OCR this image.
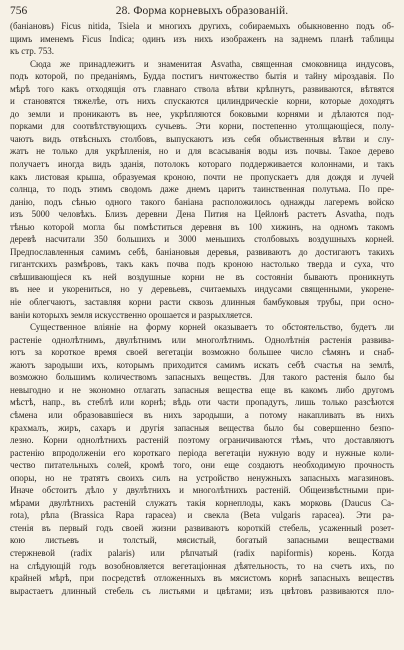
756	28. Форма корневыхъ образованій.
(баніановъ) Ficus nitida, Tsiela и многихъ другихъ, собираемыхъ обыкновенно подъ об-
щимъ именемъ Ficus Indica; одинъ изъ нихъ изображенъ на заднемъ планѣ таблицы
къ стр. 753.
Сюда же принадлежитъ и знаменитая Asvatha, священная смоковница индусовъ,
подъ которой, по преданіямъ, Будда постигъ ничтожество бытія и тайну міроздавія. По
мѣрѣ того какъ отходящія отъ главнаго ствола вѣтви крѣпнутъ, развиваются, вѣтвятся
и становятся тяжелѣе, отъ нихъ спускаются цилиндрическіе корни, которые доходятъ
до земли и проникаютъ въ нее, укрѣпляются боковыми корнями и дѣлаются под-
порками для соотвѣтствующихъ сучьевъ. Эти корни, постепенно утолщающіеся, полу-
чаютъ видъ отвѣсныхъ столбовъ, выпускаютъ изъ себя объиственныя вѣтви и слу-
жатъ не только для укрѣпленія, но и для всасыванія воды изъ почвы. Такое дерево
получаетъ иногда видъ зданія, потолокъ котораго поддерживается колоннами, и такъ
какъ листовая крыша, образуемая кроною, почти не пропускаетъ для дождя и лучей
солнца, то подъ этимъ сводомъ даже днемъ царитъ таинственная полутьма. По пре-
данію, подъ сѣнью одного такого баніана расположилось однажды лагеремъ войско
изъ 5000 человѣкъ. Близъ деревни Дена Пития на Цейлонѣ растетъ Asvatha, подъ
тѣнью которой могла бы помѣститься деревня въ 100 хижинъ, на одномъ такомъ
деревѣ насчитали 350 большихъ и 3000 меньшихъ столбовыхъ воздушныхъ корней.
Предпославленныя самимъ себѣ, баніановыя деревья, развиваютъ до достигаютъ такихъ
гигантскихъ размѣровъ, такъ какъ почва подъ кроною настолько тверда и суха, что
свѣшивающіеся къ ней воздушные корни не въ состояніи бываютъ проникнуть
въ нее и укорениться, но у деревьевъ, считаемыхъ индусами священными, укорене-
ніе облегчаютъ, заставляя корни расти сквозь длинныя бамбуковыя трубы, при осно-
ваніи которыхъ земля искусственно орошается и разрыхляется.
Существенное вліяніе на форму корней оказываетъ то обстоятельство, будетъ ли
растеніе однолѣтнимъ, двулѣтнимъ или многолѣтнимъ. Однолѣтнія растенія развива-
ютъ за короткое время своей вегетаціи возможно большее число сѣмянъ и снаб-
жаютъ зародыши ихъ, которымъ приходится самимъ искать себѣ счастья на землѣ,
возможно большимъ количествомъ запасныхъ веществъ. Для такого растенія было бы
невыгодно и не экономно отлагать запасныя вещества еще въ какомъ либо другомъ
мѣстѣ, напр., въ стеблѣ или корнѣ; вѣдь оти части пропадутъ, лишь только разсѣются
сѣмена или образовавшіеся въ нихъ зародыши, а потому накапливать въ нихъ
крахмалъ, жиръ, сахаръ и другія запасныя вещества было бы совершенно безпо-
лезно. Корни однолѣтнихъ растеній поэтому ограничиваются тѣмъ, что доставляютъ
растенію впродолженіи его короткаго періода вегетаціи нужную воду и нужные коли-
чество питательныхъ солей, кромѣ того, они еще создаютъ необходимую прочность
опоры, но не тратятъ своихъ силъ на устройство ненужныхъ запасныхъ магазиновъ.
Иначе обстоитъ дѣло у двулѣтнихъ и многолѣтнихъ растеній. Общеизвѣстными при-
мѣрами двулѣтнихъ растеній служатъ такія корнеплоды, какъ морковь (Daucus Ca-
rota), рѣпа (Brassica Rapa rapacea) и свекла (Beta vulgaris rapacea). Эти ра-
стенія въ первый годъ своей жизни развиваютъ короткій стебель, усаженный розет-
кою листьевъ и толстый, мясистый, богатый запасными веществами
стержневой (radix palaris) или рѣпчатый (radix napiformis) корень. Когда
на слѣдующій годъ возобновляется вегетаціонная дѣятельность, то на счетъ ихъ, по
крайней мѣрѣ, при посредствѣ отложенныхъ въ мясистомъ корнѣ запасныхъ веществъ
вырастаетъ длинный стебель съ листьями и цвѣтами; изъ цвѣтовъ развиваются пло-
